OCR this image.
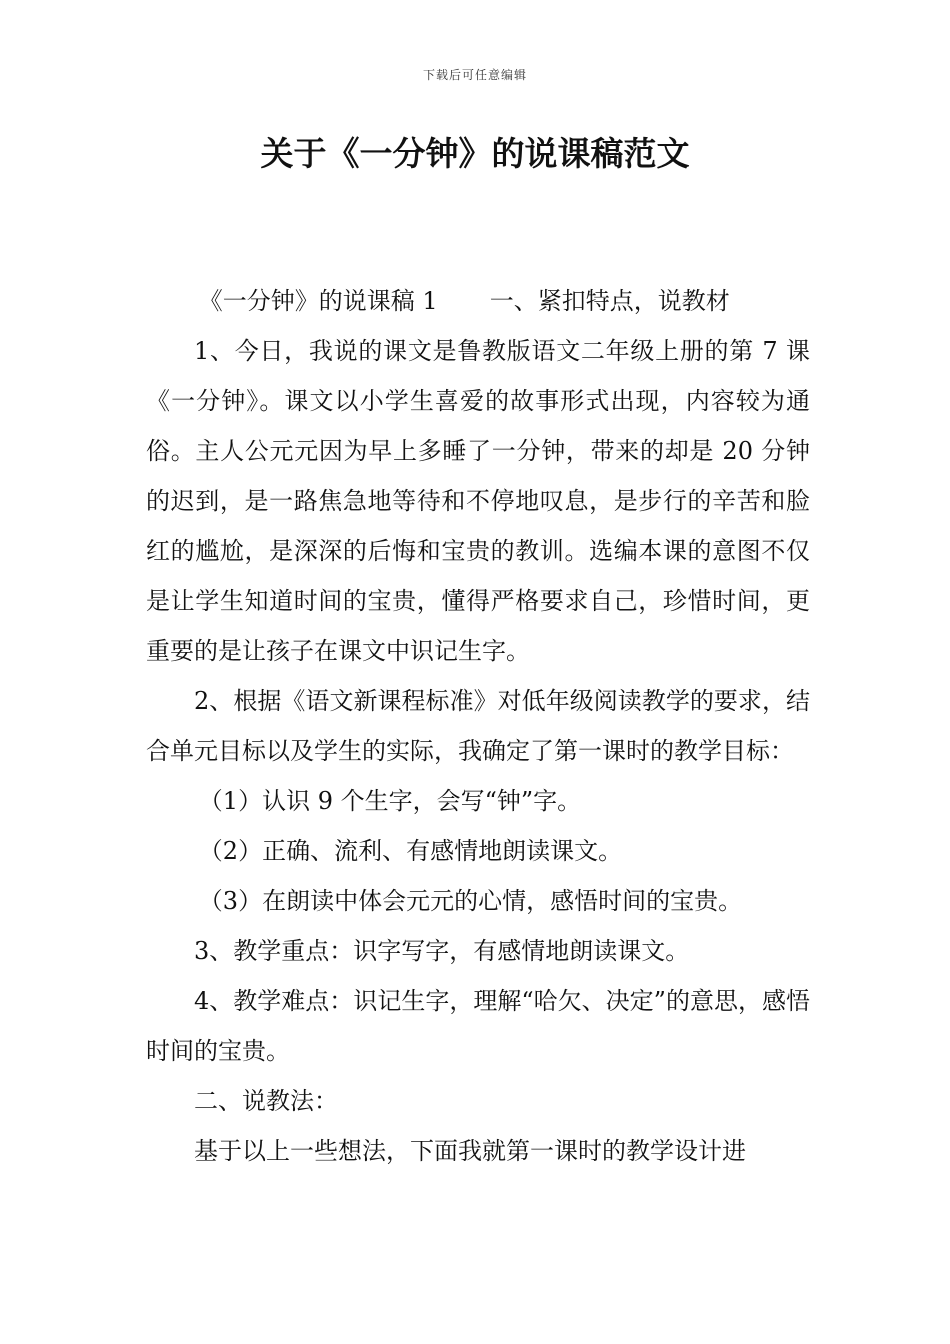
下载后可任意编辑
关于《一分钟》的说课稿范文

《一分钟》的说课稿 1 一、紧扣特点，说教材

1、今日，我说的课文是鲁教版语文二年级上册的第 7 课《一分钟》。课文以小学生喜爱的故事形式出现，内容较为通俗。主人公元元因为早上多睡了一分钟，带来的却是 20 分钟的迟到，是一路焦急地等待和不停地叹息，是步行的辛苦和脸红的尴尬，是深深的后悔和宝贵的教训。选编本课的意图不仅是让学生知道时间的宝贵，懂得严格要求自己，珍惜时间，更重要的是让孩子在课文中识记生字。

2、根据《语文新课程标准》对低年级阅读教学的要求，结合单元目标以及学生的实际，我确定了第一课时的教学目标：

（1）认识 9 个生字，会写“钟”字。

（2）正确、流利、有感情地朗读课文。

（3）在朗读中体会元元的心情，感悟时间的宝贵。

3、教学重点：识字写字，有感情地朗读课文。

4、教学难点：识记生字，理解“哈欠、决定”的意思，感悟时间的宝贵。

二、说教法：

基于以上一些想法，下面我就第一课时的教学设计进
